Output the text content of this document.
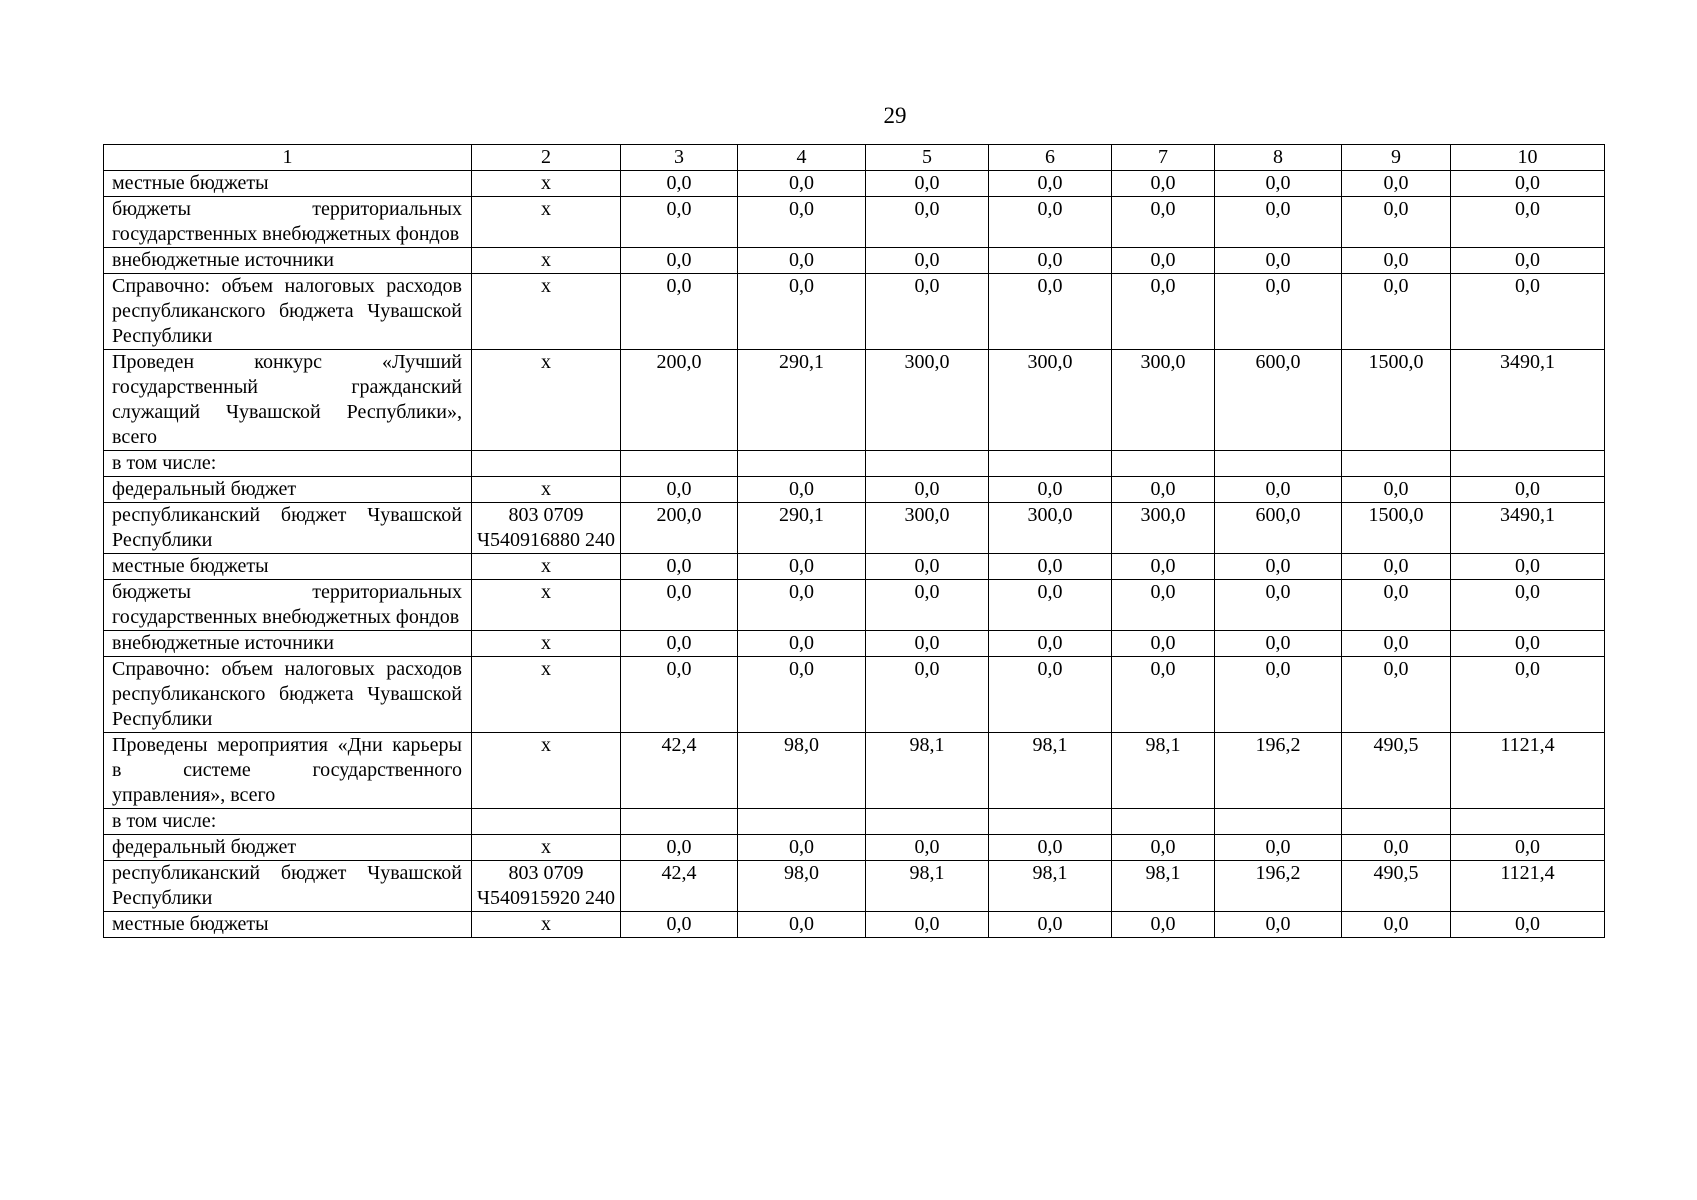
29
1	2	3	4	5	6	7	8	9	10
местные бюджеты	х	0,0	0,0	0,0	0,0	0,0	0,0	0,0	0,0
бюджеты территориальных государственных внебюджетных фондов	х	0,0	0,0	0,0	0,0	0,0	0,0	0,0	0,0
внебюджетные источники	х	0,0	0,0	0,0	0,0	0,0	0,0	0,0	0,0
Справочно: объем налоговых расходов республиканского бюджета Чувашской Республики	х	0,0	0,0	0,0	0,0	0,0	0,0	0,0	0,0
Проведен конкурс «Лучший государственный гражданский служащий Чувашской Республики», всего	х	200,0	290,1	300,0	300,0	300,0	600,0	1500,0	3490,1
в том числе:									
федеральный бюджет	х	0,0	0,0	0,0	0,0	0,0	0,0	0,0	0,0
республиканский бюджет Чувашской Республики	803 0709 Ч540916880 240	200,0	290,1	300,0	300,0	300,0	600,0	1500,0	3490,1
местные бюджеты	х	0,0	0,0	0,0	0,0	0,0	0,0	0,0	0,0
бюджеты территориальных государственных внебюджетных фондов	х	0,0	0,0	0,0	0,0	0,0	0,0	0,0	0,0
внебюджетные источники	х	0,0	0,0	0,0	0,0	0,0	0,0	0,0	0,0
Справочно: объем налоговых расходов республиканского бюджета Чувашской Республики	х	0,0	0,0	0,0	0,0	0,0	0,0	0,0	0,0
Проведены мероприятия «Дни карьеры в системе государственного управления», всего	х	42,4	98,0	98,1	98,1	98,1	196,2	490,5	1121,4
в том числе:									
федеральный бюджет	х	0,0	0,0	0,0	0,0	0,0	0,0	0,0	0,0
республиканский бюджет Чувашской Республики	803 0709 Ч540915920 240	42,4	98,0	98,1	98,1	98,1	196,2	490,5	1121,4
местные бюджеты	х	0,0	0,0	0,0	0,0	0,0	0,0	0,0	0,0
